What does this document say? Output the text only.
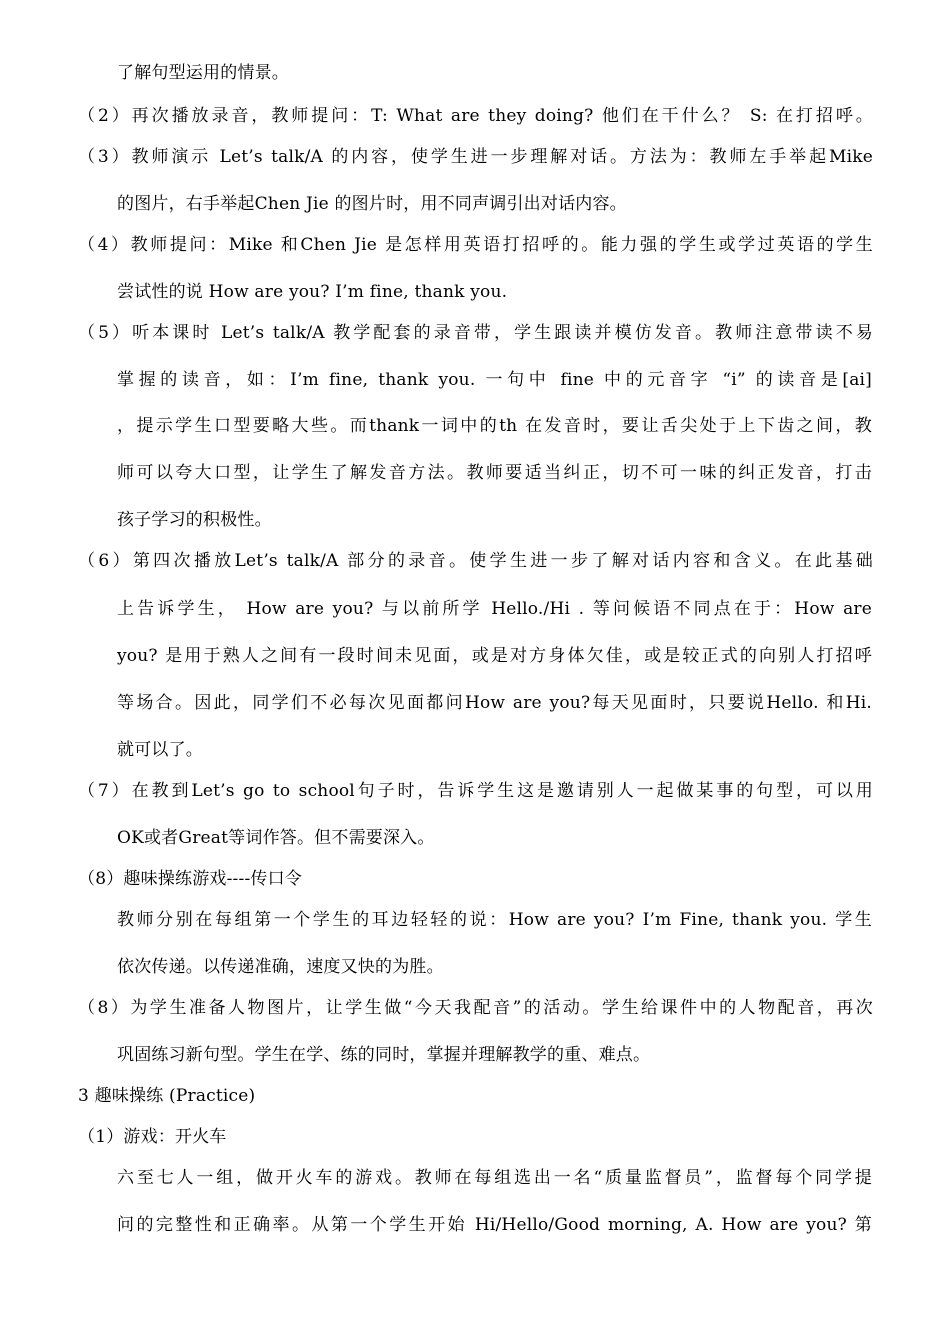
了解句型运用的情景。
（2）再次播放录音，教师提问：T: What are they doing? 他们在干什么？ S: 在打招呼。
（3）教师演示 Let’s talk/A 的内容，使学生进一步理解对话。方法为：教师左手举起Mike
的图片，右手举起Chen Jie 的图片时，用不同声调引出对话内容。
（4）教师提问：Mike 和Chen Jie 是怎样用英语打招呼的。能力强的学生或学过英语的学生
尝试性的说 How are you? I’m fine, thank you.
（5）听本课时 Let’s talk/A 教学配套的录音带，学生跟读并模仿发音。教师注意带读不易
掌握的读音，如：I’m fine, thank you. 一句中 fine 中的元音字 “i” 的读音是[ai]
，提示学生口型要略大些。而thank一词中的th 在发音时，要让舌尖处于上下齿之间，教
师可以夸大口型，让学生了解发音方法。教师要适当纠正，切不可一味的纠正发音，打击
孩子学习的积极性。
（6）第四次播放Let’s talk/A 部分的录音。使学生进一步了解对话内容和含义。在此基础
上告诉学生， How are you? 与以前所学 Hello./Hi . 等问候语不同点在于：How are
you? 是用于熟人之间有一段时间未见面，或是对方身体欠佳，或是较正式的向别人打招呼
等场合。因此，同学们不必每次见面都问How are you?每天见面时，只要说Hello. 和Hi.
就可以了。
（7）在教到Let’s go to school句子时，告诉学生这是邀请别人一起做某事的句型，可以用
OK或者Great等词作答。但不需要深入。
（8）趣味操练游戏----传口令
教师分别在每组第一个学生的耳边轻轻的说：How are you? I’m Fine, thank you. 学生
依次传递。以传递准确，速度又快的为胜。
（8）为学生准备人物图片，让学生做“今天我配音”的活动。学生给课件中的人物配音，再次
巩固练习新句型。学生在学、练的同时，掌握并理解教学的重、难点。
3 趣味操练 (Practice)
（1）游戏：开火车
六至七人一组，做开火车的游戏。教师在每组选出一名“质量监督员”，监督每个同学提
问的完整性和正确率。从第一个学生开始 Hi/Hello/Good morning, A. How are you? 第
